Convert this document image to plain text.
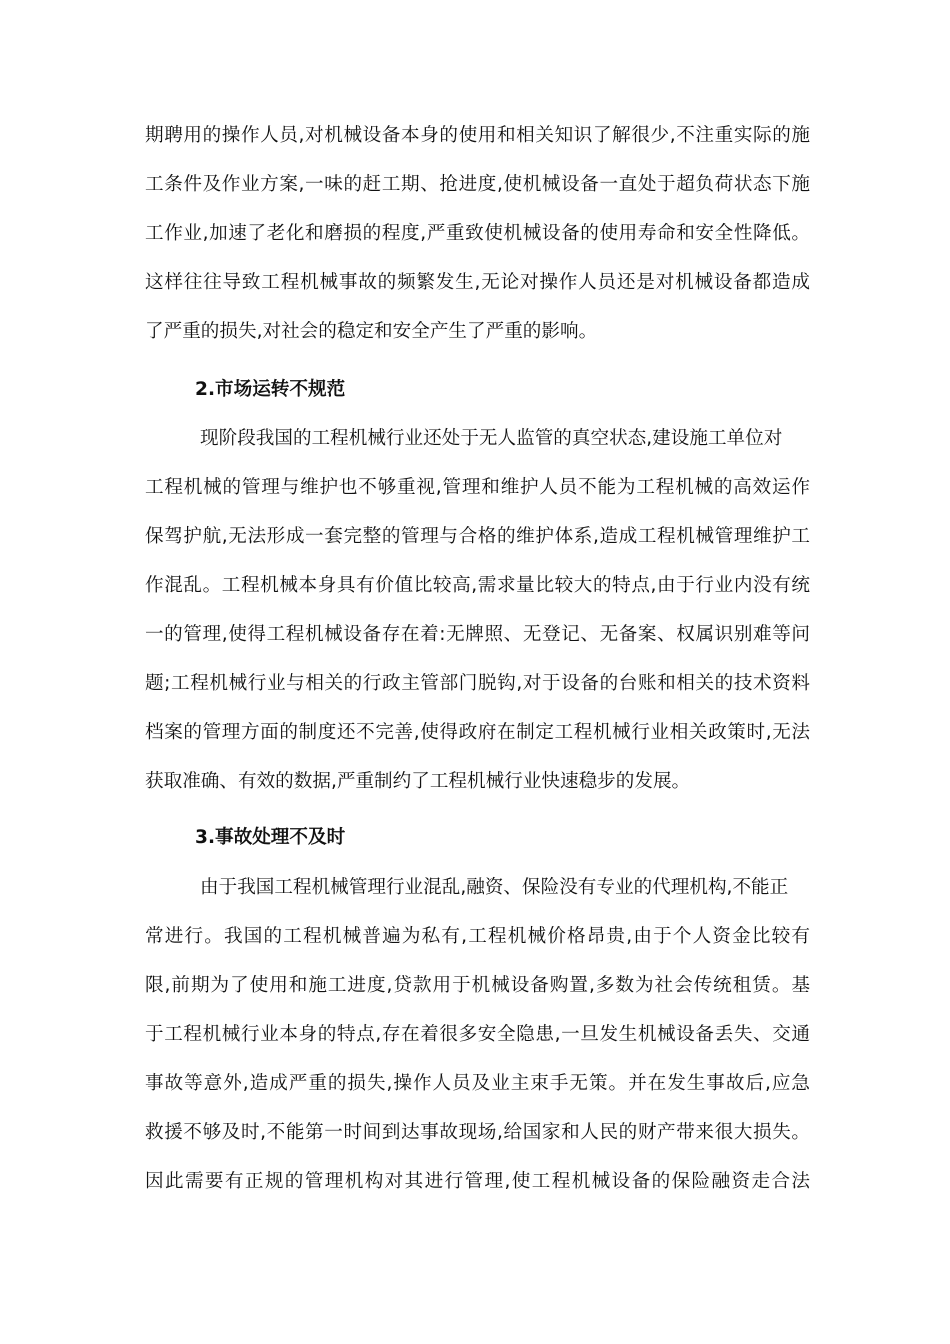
期聘用的操作人员,对机械设备本身的使用和相关知识了解很少,不注重实际的施
工条件及作业方案,一味的赶工期、抢进度,使机械设备一直处于超负荷状态下施
工作业,加速了老化和磨损的程度,严重致使机械设备的使用寿命和安全性降低。
这样往往导致工程机械事故的频繁发生,无论对操作人员还是对机械设备都造成
了严重的损失,对社会的稳定和安全产生了严重的影响。
2.市场运转不规范
现阶段我国的工程机械行业还处于无人监管的真空状态,建设施工单位对
工程机械的管理与维护也不够重视,管理和维护人员不能为工程机械的高效运作
保驾护航,无法形成一套完整的管理与合格的维护体系,造成工程机械管理维护工
作混乱。工程机械本身具有价值比较高,需求量比较大的特点,由于行业内没有统
一的管理,使得工程机械设备存在着:无牌照、无登记、无备案、权属识别难等问
题;工程机械行业与相关的行政主管部门脱钩,对于设备的台账和相关的技术资料
档案的管理方面的制度还不完善,使得政府在制定工程机械行业相关政策时,无法
获取准确、有效的数据,严重制约了工程机械行业快速稳步的发展。
3.事故处理不及时
由于我国工程机械管理行业混乱,融资、保险没有专业的代理机构,不能正
常进行。我国的工程机械普遍为私有,工程机械价格昂贵,由于个人资金比较有
限,前期为了使用和施工进度,贷款用于机械设备购置,多数为社会传统租赁。基
于工程机械行业本身的特点,存在着很多安全隐患,一旦发生机械设备丢失、交通
事故等意外,造成严重的损失,操作人员及业主束手无策。并在发生事故后,应急
救援不够及时,不能第一时间到达事故现场,给国家和人民的财产带来很大损失。
因此需要有正规的管理机构对其进行管理,使工程机械设备的保险融资走合法
